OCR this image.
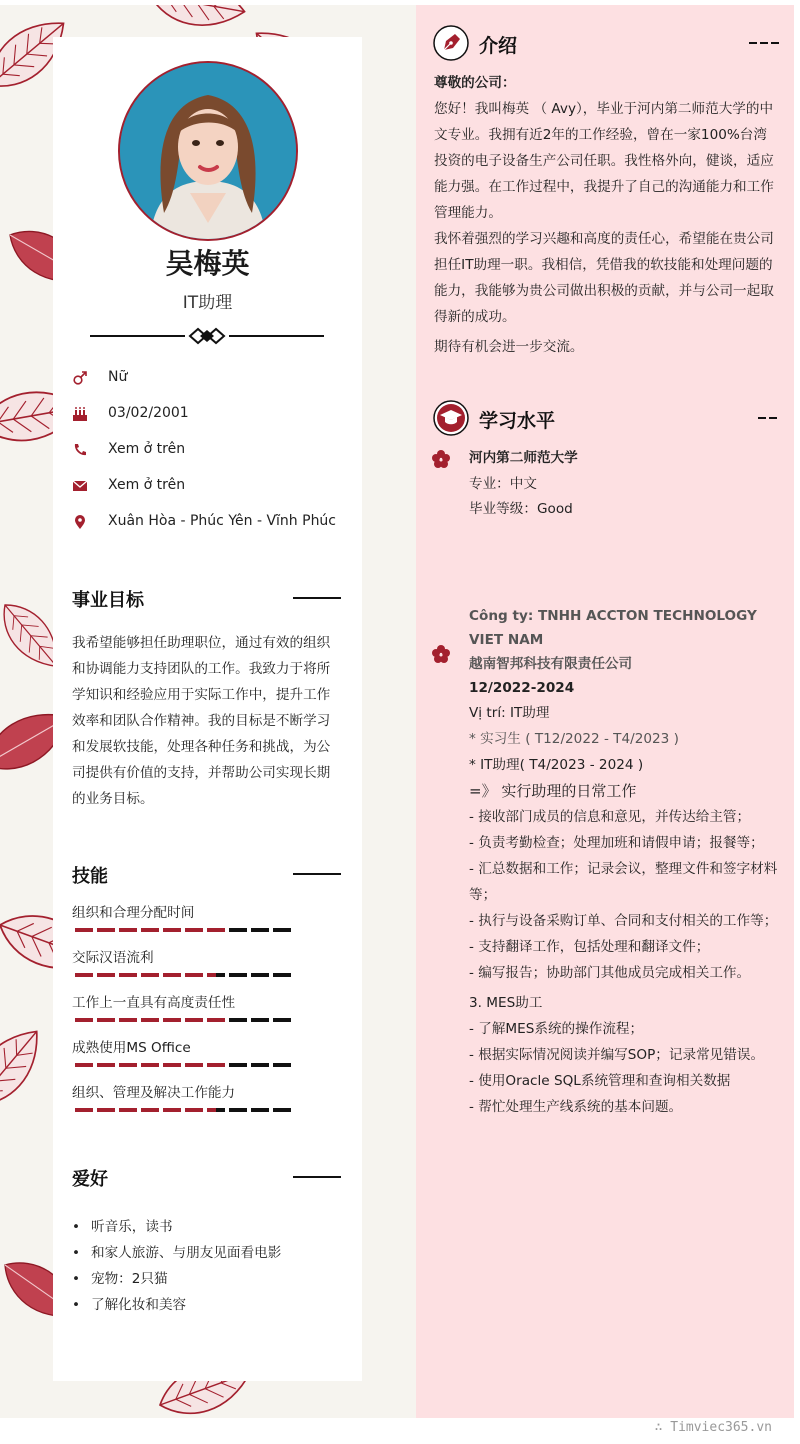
吴梅英
IT助理
Nữ
03/02/2001
Xem ở trên
Xem ở trên
Xuân Hòa - Phúc Yên - Vĩnh Phúc
事业目标
我希望能够担任助理职位，通过有效的组织和协调能力支持团队的工作。我致力于将所学知识和经验应用于实际工作中，提升工作效率和团队合作精神。我的目标是不断学习和发展软技能，处理各种任务和挑战，为公司提供有价值的支持，并帮助公司实现长期的业务目标。
技能
组织和合理分配时间
交际汉语流利
工作上一直具有高度责任性
成熟使用MS Office
组织、管理及解决工作能力
爱好
• 听音乐，读书
• 和家人旅游、与朋友见面看电影
• 宠物：2只猫
• 了解化妆和美容
介绍

尊敬的公司：

您好！我叫梅英 （ Avy），毕业于河内第二师范大学的中文专业。我拥有近2年的工作经验，曾在一家100%台湾投资的电子设备生产公司任职。我性格外向，健谈，适应能力强。在工作过程中，我提升了自己的沟通能力和工作管理能力。

我怀着强烈的学习兴趣和高度的责任心，希望能在贵公司担任IT助理一职。我相信，凭借我的软技能和处理问题的能力，我能够为贵公司做出积极的贡献，并与公司一起取得新的成功。

期待有机会进一步交流。

学习水平
河内第二师范大学
专业：中文
毕业等级：Good
Công ty: TNHH ACCTON TECHNOLOGY VIET NAM
越南智邦科技有限责任公司
12/2022-2024
Vị trí: IT助理
* 实习生 ( T12/2022 - T4/2023 )
* IT助理( T4/2023 - 2024 )
=》 实行助理的日常工作
- 接收部门成员的信息和意见，并传达给主管；
- 负责考勤检查；处理加班和请假申请；报餐等；
- 汇总数据和工作；记录会议，整理文件和签字材料等；
- 执行与设备采购订单、合同和支付相关的工作等；
- 支持翻译工作，包括处理和翻译文件；
- 编写报告；协助部门其他成员完成相关工作。
3. MES助工
- 了解MES系统的操作流程；
- 根据实际情况阅读并编写SOP；记录常见错误。
- 使用Oracle SQL系统管理和查询相关数据
- 帮忙处理生产线系统的基本问题。
∴ Timviec365.vn
